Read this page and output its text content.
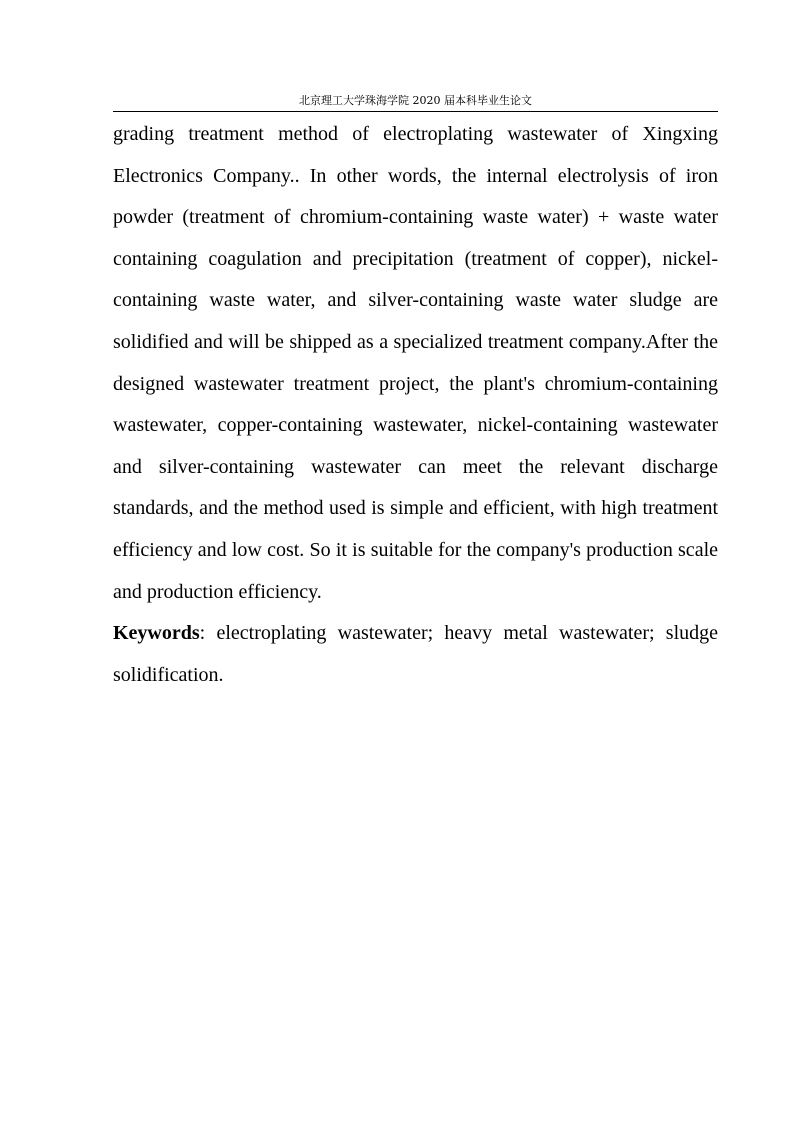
北京理工大学珠海学院 2020 届本科毕业生论文

grading treatment method of electroplating wastewater of Xingxing Electronics Company.. In other words, the internal electrolysis of iron powder (treatment of chromium-containing waste water) + waste water containing coagulation and precipitation (treatment of copper), nickel-containing waste water, and silver-containing waste water sludge are solidified and will be shipped as a specialized treatment company.After the designed wastewater treatment project, the plant's chromium-containing wastewater, copper-containing wastewater, nickel-containing wastewater and silver-containing wastewater can meet the relevant discharge standards, and the method used is simple and efficient, with high treatment efficiency and low cost. So it is suitable for the company's production scale and production efficiency.

Keywords: electroplating wastewater; heavy metal wastewater; sludge solidification.
